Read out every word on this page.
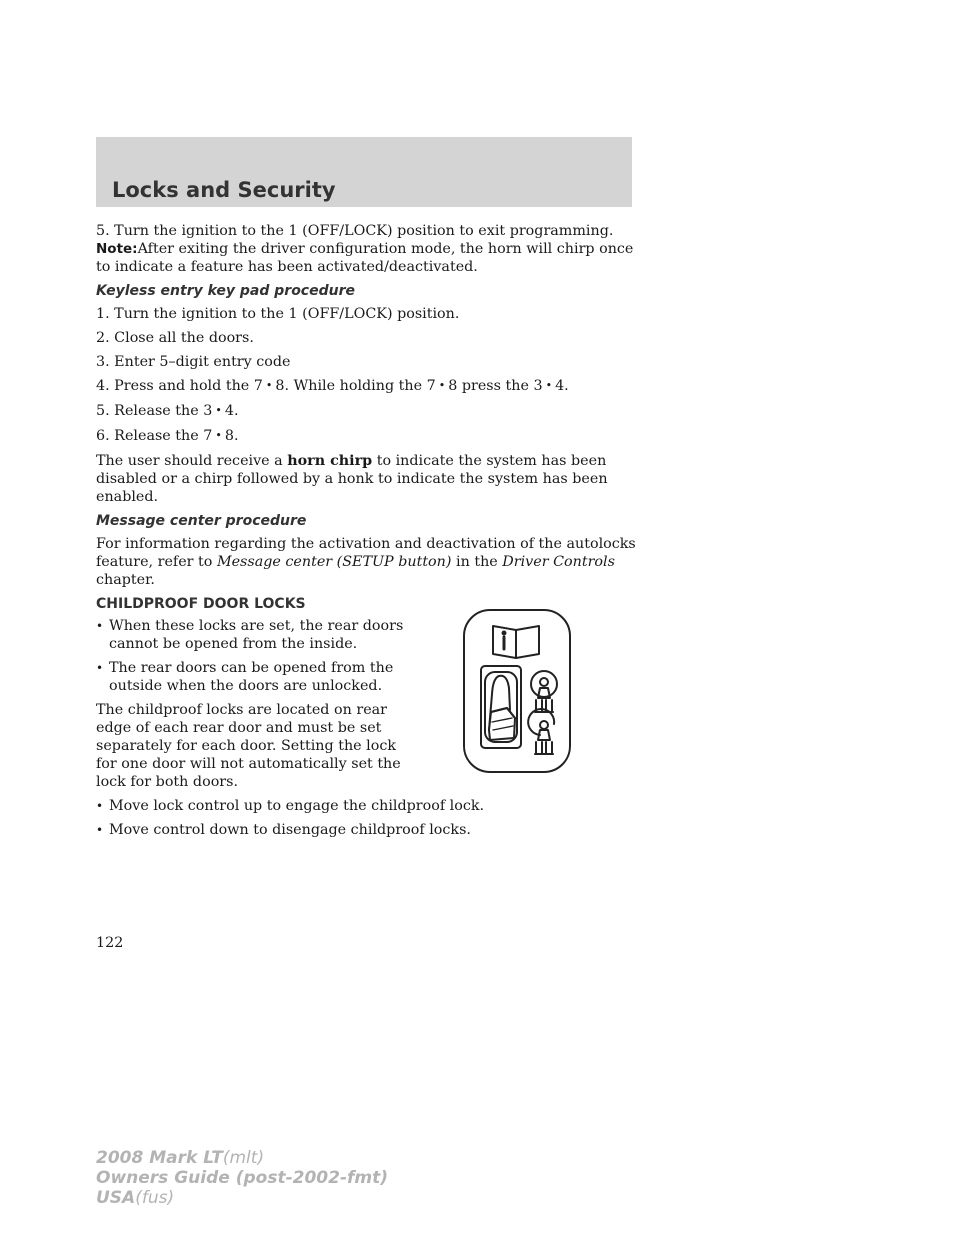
Locks and Security

5. Turn the ignition to the 1 (OFF/LOCK) position to exit programming.

Note:After exiting the driver configuration mode, the horn will chirp once to indicate a feature has been activated/deactivated.

Keyless entry key pad procedure

1. Turn the ignition to the 1 (OFF/LOCK) position.

2. Close all the doors.

3. Enter 5–digit entry code

4. Press and hold the 7 • 8. While holding the 7 • 8 press the 3 • 4.

5. Release the 3 • 4.

6. Release the 7 • 8.

The user should receive a horn chirp to indicate the system has been disabled or a chirp followed by a honk to indicate the system has been enabled.

Message center procedure

For information regarding the activation and deactivation of the autolocks feature, refer to Message center (SETUP button) in the Driver Controls chapter.

CHILDPROOF DOOR LOCKS
• When these locks are set, the rear doors cannot be opened from the inside.
• The rear doors can be opened from the outside when the doors are unlocked.

The childproof locks are located on rear edge of each rear door and must be set separately for each door. Setting the lock for one door will not automatically set the lock for both doors.

• Move lock control up to engage the childproof lock.
• Move control down to disengage childproof locks.

122

2008 Mark LT(mlt)
Owners Guide (post-2002-fmt)
USA(fus)
